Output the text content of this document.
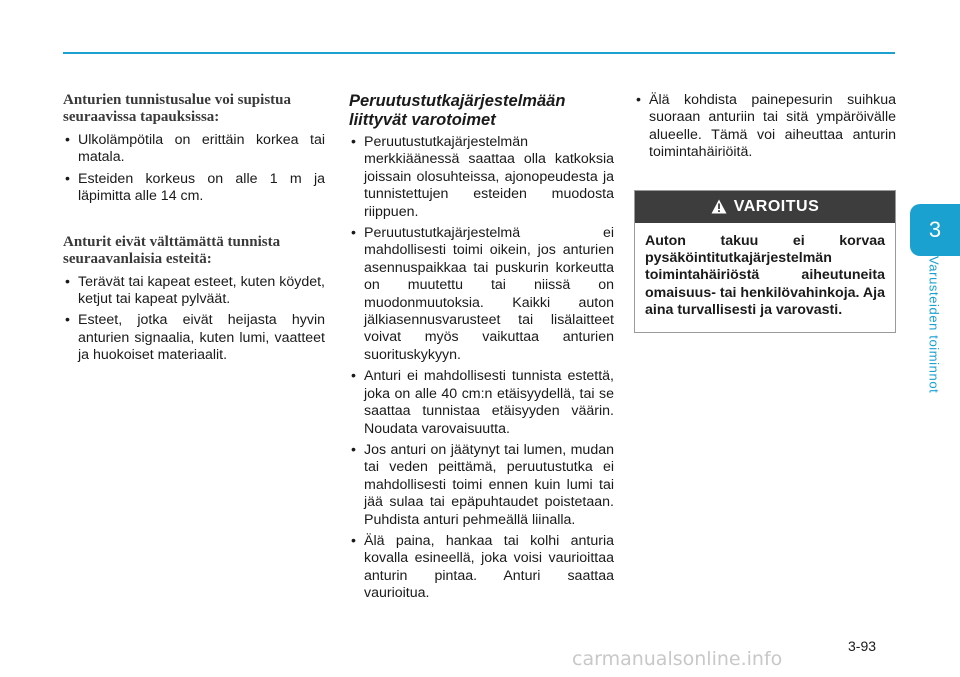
3
Varusteiden toiminnot
Anturien tunnistusalue voi supistua seuraavissa tapauksissa:
• Ulkolämpötila on erittäin korkea tai matala.
• Esteiden korkeus on alle 1 m ja läpimitta alle 14 cm.
Anturit eivät välttämättä tunnista seuraavanlaisia esteitä:
• Terävät tai kapeat esteet, kuten köydet, ketjut tai kapeat pylväät.
• Esteet, jotka eivät heijasta hyvin anturien signaalia, kuten lumi, vaatteet ja huokoiset materiaalit.
Peruutustutkajärjestelmään liittyvät varotoimet
• Peruutustutkajärjestelmän merkkiäänessä saattaa olla katkoksia joissain olosuhteissa, ajonopeudesta ja tunnistettujen esteiden muodosta riippuen.
• Peruutustutkajärjestelmä ei mahdollisesti toimi oikein, jos anturien asennuspaikkaa tai puskurin korkeutta on muutettu tai niissä on muodonmuutoksia. Kaikki auton jälkiasennusvarusteet tai lisälaitteet voivat myös vaikuttaa anturien suorituskykyyn.
• Anturi ei mahdollisesti tunnista estettä, joka on alle 40 cm:n etäisyydellä, tai se saattaa tunnistaa etäisyyden väärin. Noudata varovaisuutta.
• Jos anturi on jäätynyt tai lumen, mudan tai veden peittämä, peruutustutka ei mahdollisesti toimi ennen kuin lumi tai jää sulaa tai epäpuhtaudet poistetaan. Puhdista anturi pehmeällä liinalla.
• Älä paina, hankaa tai kolhi anturia kovalla esineellä, joka voisi vaurioittaa anturin pintaa. Anturi saattaa vaurioitua.
• Älä kohdista painepesurin suihkua suoraan anturiin tai sitä ympäröivälle alueelle. Tämä voi aiheuttaa anturin toimintahäiriöitä.
VAROITUS
Auton takuu ei korvaa pysäköintitutkajärjestelmän toimintahäiriöstä aiheutuneita omaisuus- tai henkilövahinkoja. Aja aina turvallisesti ja varovasti.
3-93
carmanualsonline.info
